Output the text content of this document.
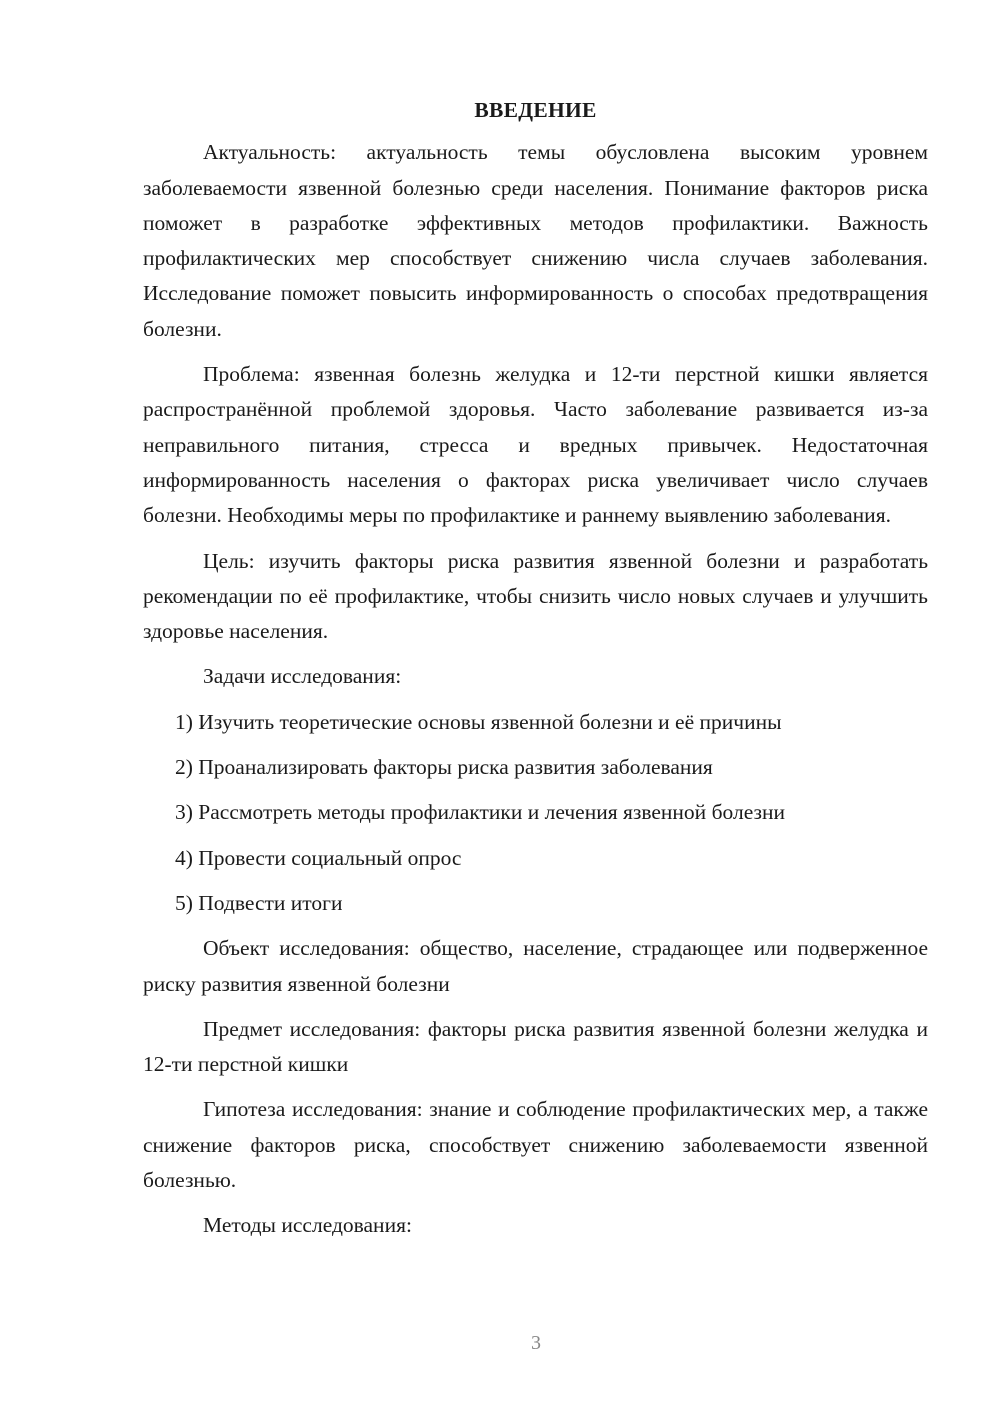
ВВЕДЕНИЕ

Актуальность: актуальность темы обусловлена высоким уровнем заболеваемости язвенной болезнью среди населения. Понимание факторов риска поможет в разработке эффективных методов профилактики. Важность профилактических мер способствует снижению числа случаев заболевания. Исследование поможет повысить информированность о способах предотвращения болезни.

Проблема: язвенная болезнь желудка и 12-ти перстной кишки является распространённой проблемой здоровья. Часто заболевание развивается из-за неправильного питания, стресса и вредных привычек. Недостаточная информированность населения о факторах риска увеличивает число случаев болезни. Необходимы меры по профилактике и раннему выявлению заболевания.

Цель: изучить факторы риска развития язвенной болезни и разработать рекомендации по её профилактике, чтобы снизить число новых случаев и улучшить здоровье населения.

Задачи исследования:

1) Изучить теоретические основы язвенной болезни и её причины
2) Проанализировать факторы риска развития заболевания
3) Рассмотреть методы профилактики и лечения язвенной болезни
4) Провести социальный опрос
5) Подвести итоги

Объект исследования: общество, население, страдающее или подверженное риску развития язвенной болезни

Предмет исследования: факторы риска развития язвенной болезни желудка и 12-ти перстной кишки

Гипотеза исследования: знание и соблюдение профилактических мер, а также снижение факторов риска, способствует снижению заболеваемости язвенной болезнью.

Методы исследования:

3
